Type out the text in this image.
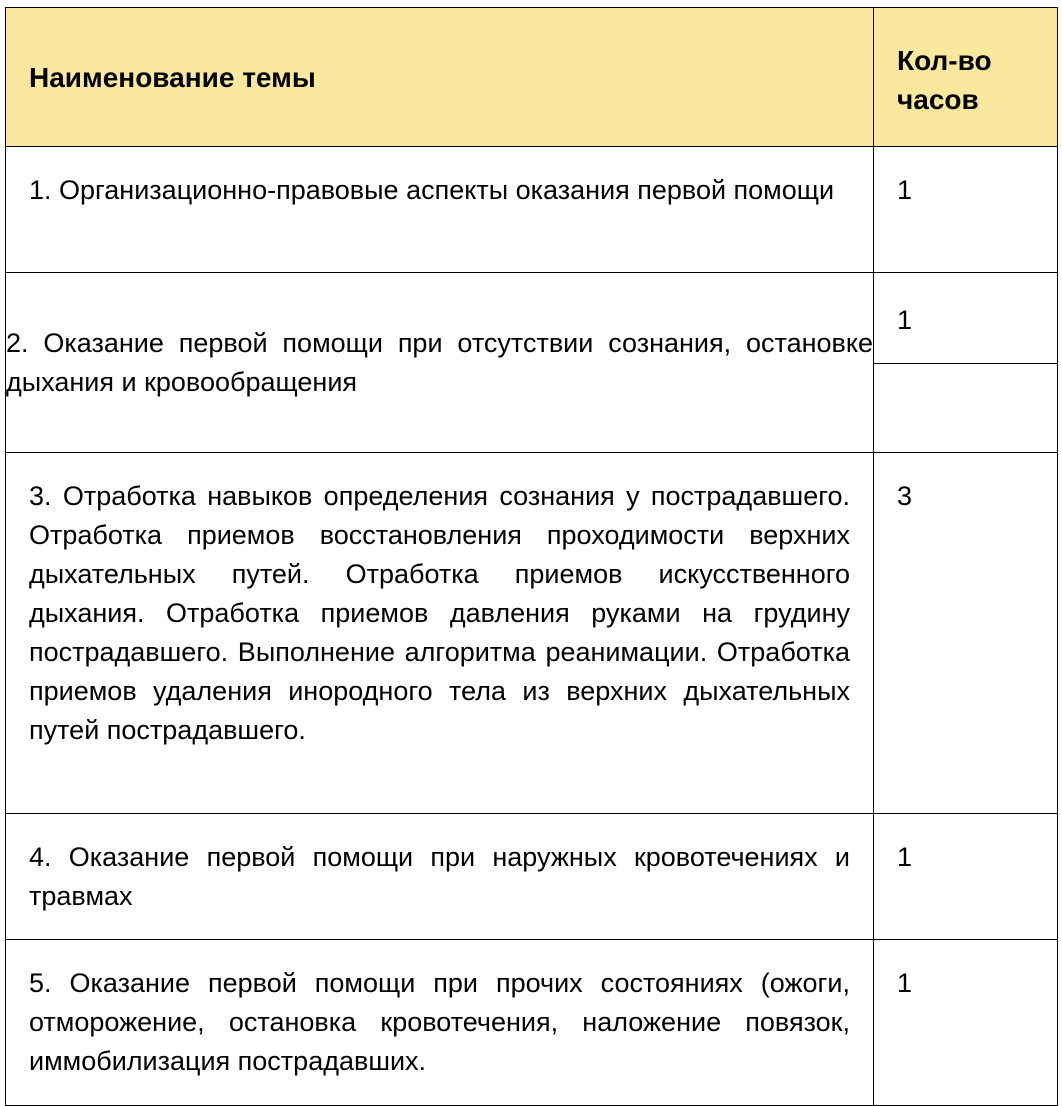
Наименование темы	Кол-во
часов

1. Организационно-правовые аспекты оказания первой помощи	1

2. Оказание первой помощи при отсутствии сознания, остановке дыхания и кровообращения	1

3. Отработка навыков определения сознания у пострадавшего. Отработка приемов восстановления проходимости верхних дыхательных путей. Отработка приемов искусственного дыхания. Отработка приемов давления руками на грудину пострадавшего. Выполнение алгоритма реанимации. Отработка приемов удаления инородного тела из верхних дыхательных путей пострадавшего.	3

4. Оказание первой помощи при наружных кровотечениях и травмах	1

5. Оказание первой помощи при прочих состояниях (ожоги, отморожение, остановка кровотечения, наложение повязок, иммобилизация пострадавших.	1
